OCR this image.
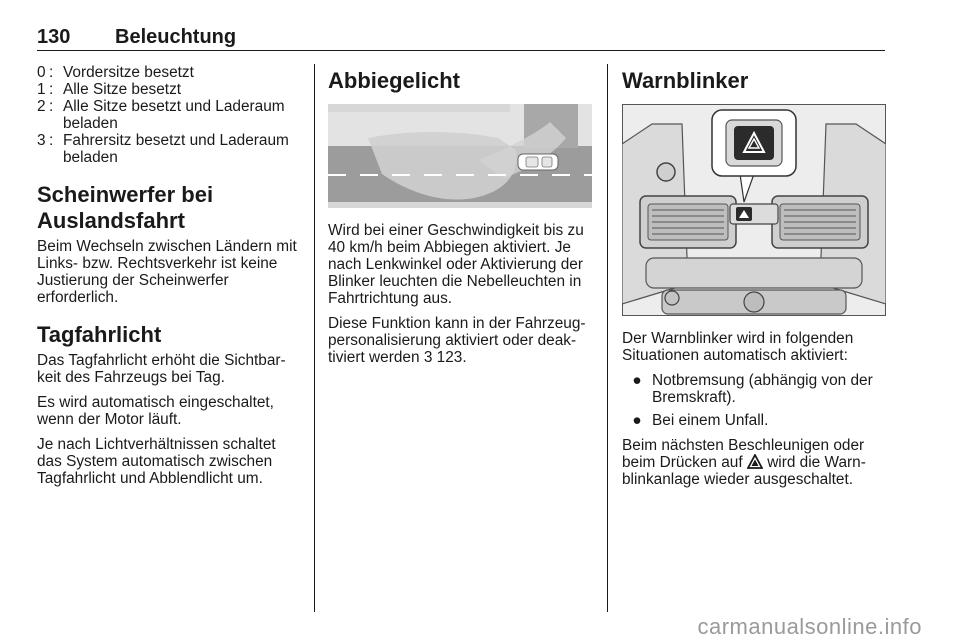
130 Beleuchtung
0 : Vordersitze besetzt
1 : Alle Sitze besetzt
2 : Alle Sitze besetzt und Laderaum beladen
3 : Fahrersitz besetzt und Laderaum beladen
Scheinwerfer bei Auslandsfahrt

Beim Wechseln zwischen Ländern mit Links- bzw. Rechtsverkehr ist keine Justierung der Scheinwerfer erforderlich.

Tagfahrlicht

Das Tagfahrlicht erhöht die Sichtbarkeit des Fahrzeugs bei Tag.

Es wird automatisch eingeschaltet, wenn der Motor läuft.

Je nach Lichtverhältnissen schaltet das System automatisch zwischen Tagfahrlicht und Abblendlicht um.

Abbiegelicht

Wird bei einer Geschwindigkeit bis zu 40 km/h beim Abbiegen aktiviert. Je nach Lenkwinkel oder Aktivierung der Blinker leuchten die Nebelleuchten in Fahrtrichtung aus.

Diese Funktion kann in der Fahrzeugpersonalisierung aktiviert oder deaktiviert werden 3 123.

Warnblinker

Der Warnblinker wird in folgenden Situationen automatisch aktiviert:

● Notbremsung (abhängig von der Bremskraft).
● Bei einem Unfall.

Beim nächsten Beschleunigen oder beim Drücken auf wird die Warnblinkanlage wieder ausgeschaltet.

carmanualsonline.info
